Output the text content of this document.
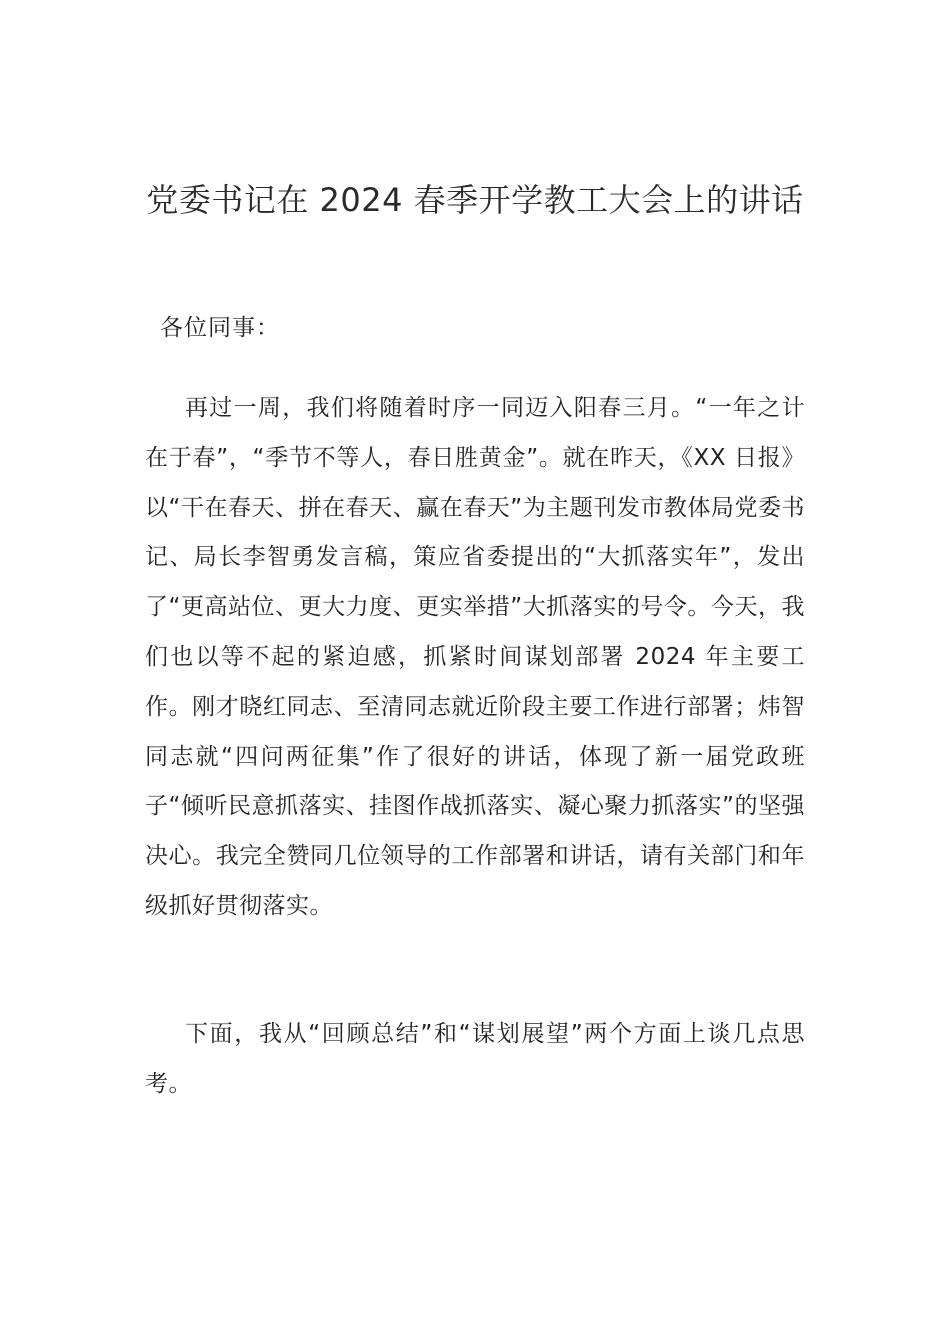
党委书记在 2024 春季开学教工大会上的讲话

各位同事：

再过一周，我们将随着时序一同迈入阳春三月。“一年之计在于春”，“季节不等人，春日胜黄金”。就在昨天，《XX 日报》以“干在春天、拼在春天、赢在春天”为主题刊发市教体局党委书记、局长李智勇发言稿，策应省委提出的“大抓落实年”，发出了“更高站位、更大力度、更实举措”大抓落实的号令。今天，我们也以等不起的紧迫感，抓紧时间谋划部署 2024 年主要工作。刚才晓红同志、至清同志就近阶段主要工作进行部署；炜智同志就“四问两征集”作了很好的讲话，体现了新一届党政班子“倾听民意抓落实、挂图作战抓落实、凝心聚力抓落实”的坚强决心。我完全赞同几位领导的工作部署和讲话，请有关部门和年级抓好贯彻落实。

下面，我从“回顾总结”和“谋划展望”两个方面上谈几点思考。
